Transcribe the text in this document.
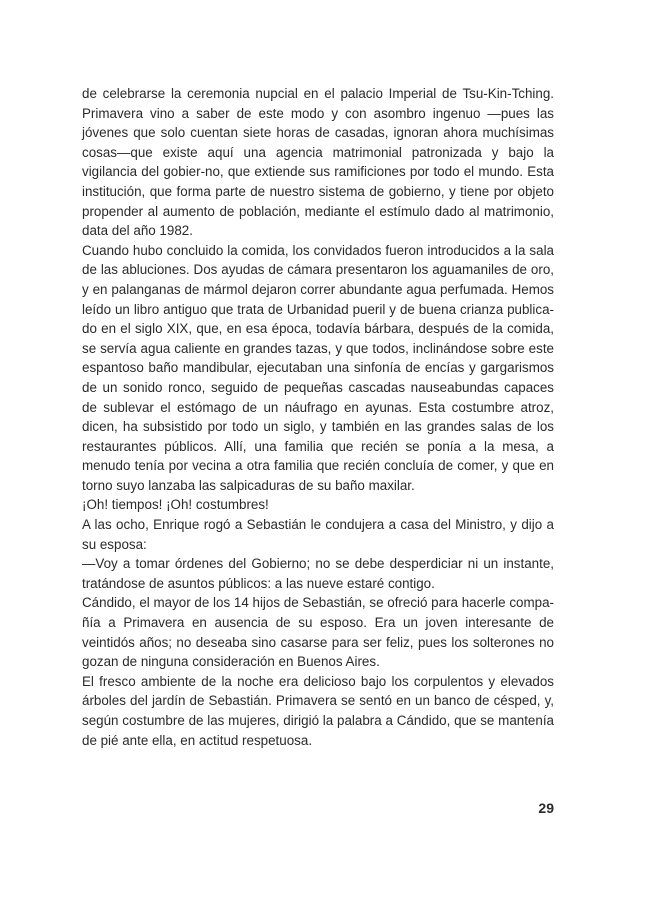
de celebrarse la ceremonia nupcial en el palacio Imperial de Tsu-Kin-Tching. Primavera vino a saber de este modo y con asombro ingenuo —pues las jóvenes que solo cuentan siete horas de casadas, ignoran ahora muchísimas cosas—que existe aquí una agencia matrimonial patronizada y bajo la vigilancia del gobier-no, que extiende sus ramificiones por todo el mundo. Esta institución, que forma parte de nuestro sistema de gobierno, y tiene por objeto propender al aumento de población, mediante el estímulo dado al matrimonio, data del año 1982.

Cuando hubo concluido la comida, los convidados fueron introducidos a la sala de las abluciones. Dos ayudas de cámara presentaron los aguamaniles de oro, y en palanganas de mármol dejaron correr abundante agua perfumada. Hemos leído un libro antiguo que trata de Urbanidad pueril y de buena crianza publica-do en el siglo XIX, que, en esa época, todavía bárbara, después de la comida, se servía agua caliente en grandes tazas, y que todos, inclinándose sobre este espantoso baño mandibular, ejecutaban una sinfonía de encías y gargarismos de un sonido ronco, seguido de pequeñas cascadas nauseabundas capaces de sublevar el estómago de un náufrago en ayunas. Esta costumbre atroz, dicen, ha subsistido por todo un siglo, y también en las grandes salas de los restaurantes públicos. Allí, una familia que recién se ponía a la mesa, a menudo tenía por vecina a otra familia que recién concluía de comer, y que en torno suyo lanzaba las salpicaduras de su baño maxilar.

¡Oh! tiempos! ¡Oh! costumbres!

A las ocho, Enrique rogó a Sebastián le condujera a casa del Ministro, y dijo a su esposa:

—Voy a tomar órdenes del Gobierno; no se debe desperdiciar ni un instante, tratándose de asuntos públicos: a las nueve estaré contigo.

Cándido, el mayor de los 14 hijos de Sebastián, se ofreció para hacerle compa-ñía a Primavera en ausencia de su esposo. Era un joven interesante de veintidós años; no deseaba sino casarse para ser feliz, pues los solterones no gozan de ninguna consideración en Buenos Aires.

El fresco ambiente de la noche era delicioso bajo los corpulentos y elevados árboles del jardín de Sebastián. Primavera se sentó en un banco de césped, y, según costumbre de las mujeres, dirigió la palabra a Cándido, que se mantenía de pié ante ella, en actitud respetuosa.

29
